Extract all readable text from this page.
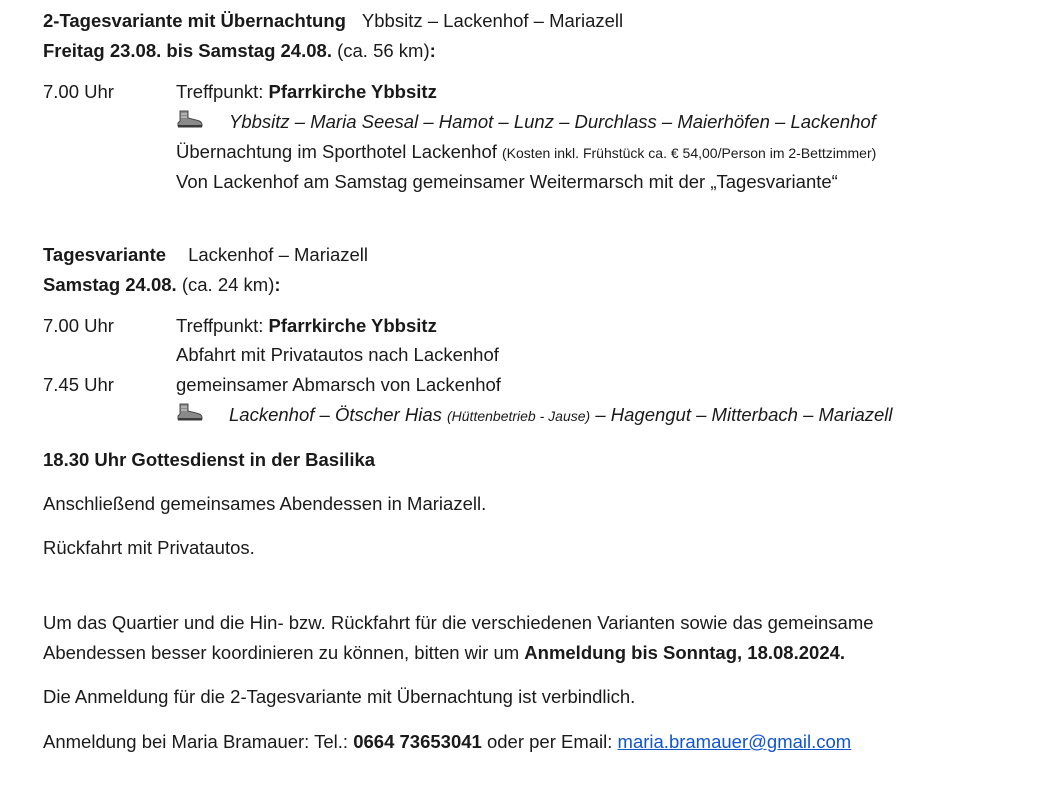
2-Tagesvariante mit Übernachtung Ybbsitz – Lackenhof – Mariazell
Freitag 23.08. bis Samstag 24.08. (ca. 56 km):
7.00 Uhr	Treffpunkt: Pfarrkirche Ybbsitz
Ybbsitz – Maria Seesal – Hamot – Lunz – Durchlass – Maierhöfen – Lackenhof
Übernachtung im Sporthotel Lackenhof (Kosten inkl. Frühstück ca. € 54,00/Person im 2-Bettzimmer)
Von Lackenhof am Samstag gemeinsamer Weitermarsch mit der „Tagesvariante“
Tagesvariante Lackenhof – Mariazell
Samstag 24.08. (ca. 24 km):
7.00 Uhr	Treffpunkt: Pfarrkirche Ybbsitz
Abfahrt mit Privatautos nach Lackenhof
7.45 Uhr	gemeinsamer Abmarsch von Lackenhof
Lackenhof – Ötscher Hias (Hüttenbetrieb - Jause) – Hagengut – Mitterbach – Mariazell
18.30 Uhr Gottesdienst in der Basilika
Anschließend gemeinsames Abendessen in Mariazell.
Rückfahrt mit Privatautos.
Um das Quartier und die Hin- bzw. Rückfahrt für die verschiedenen Varianten sowie das gemeinsame
Abendessen besser koordinieren zu können, bitten wir um Anmeldung bis Sonntag, 18.08.2024.
Die Anmeldung für die 2-Tagesvariante mit Übernachtung ist verbindlich.
Anmeldung bei Maria Bramauer: Tel.: 0664 73653041 oder per Email: maria.bramauer@gmail.com
